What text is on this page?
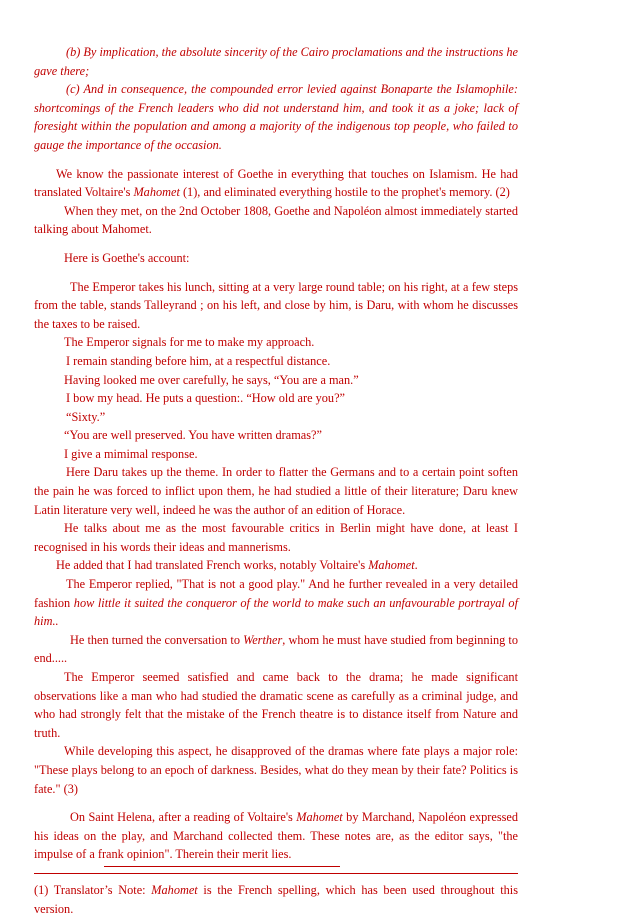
(b) By implication, the absolute sincerity of the Cairo proclamations and the instructions he gave there;

(c) And in consequence, the compounded error levied against Bonaparte the Islamophile: shortcomings of the French leaders who did not understand him, and took it as a joke; lack of foresight within the population and among a majority of the indigenous top people, who failed to gauge the importance of the occasion.

We know the passionate interest of Goethe in everything that touches on Islamism. He had translated Voltaire's Mahomet (1), and eliminated everything hostile to the prophet's memory. (2)

When they met, on the 2nd October 1808, Goethe and Napoléon almost immediately started talking about Mahomet.

Here is Goethe's account:

The Emperor takes his lunch, sitting at a very large round table; on his right, at a few steps from the table, stands Talleyrand ; on his left, and close by him, is Daru, with whom he discusses the taxes to be raised.

The Emperor signals for me to make my approach.

I remain standing before him, at a respectful distance.

Having looked me over carefully, he says, “You are a man.”

I bow my head. He puts a question:. “How old are you?”

“Sixty.”

“You are well preserved. You have written dramas?”

I give a mimimal response.

Here Daru takes up the theme. In order to flatter the Germans and to a certain point soften the pain he was forced to inflict upon them, he had studied a little of their literature; Daru knew Latin literature very well, indeed he was the author of an edition of Horace.

He talks about me as the most favourable critics in Berlin might have done, at least I recognised in his words their ideas and mannerisms.

He added that I had translated French works, notably Voltaire's Mahomet.

The Emperor replied, "That is not a good play." And he further revealed in a very detailed fashion how little it suited the conqueror of the world to make such an unfavourable portrayal of him..

He then turned the conversation to Werther, whom he must have studied from beginning to end.....

The Emperor seemed satisfied and came back to the drama; he made significant observations like a man who had studied the dramatic scene as carefully as a criminal judge, and who had strongly felt that the mistake of the French theatre is to distance itself from Nature and truth.

While developing this aspect, he disapproved of the dramas where fate plays a major role: "These plays belong to an epoch of darkness. Besides, what do they mean by their fate? Politics is fate." (3)

On Saint Helena, after a reading of Voltaire's Mahomet by Marchand, Napoléon expressed his ideas on the play, and Marchand collected them. These notes are, as the editor says, "the impulse of a frank opinion". Therein their merit lies.

(1) Translator’s Note: Mahomet is the French spelling, which has been used throughout this version.
